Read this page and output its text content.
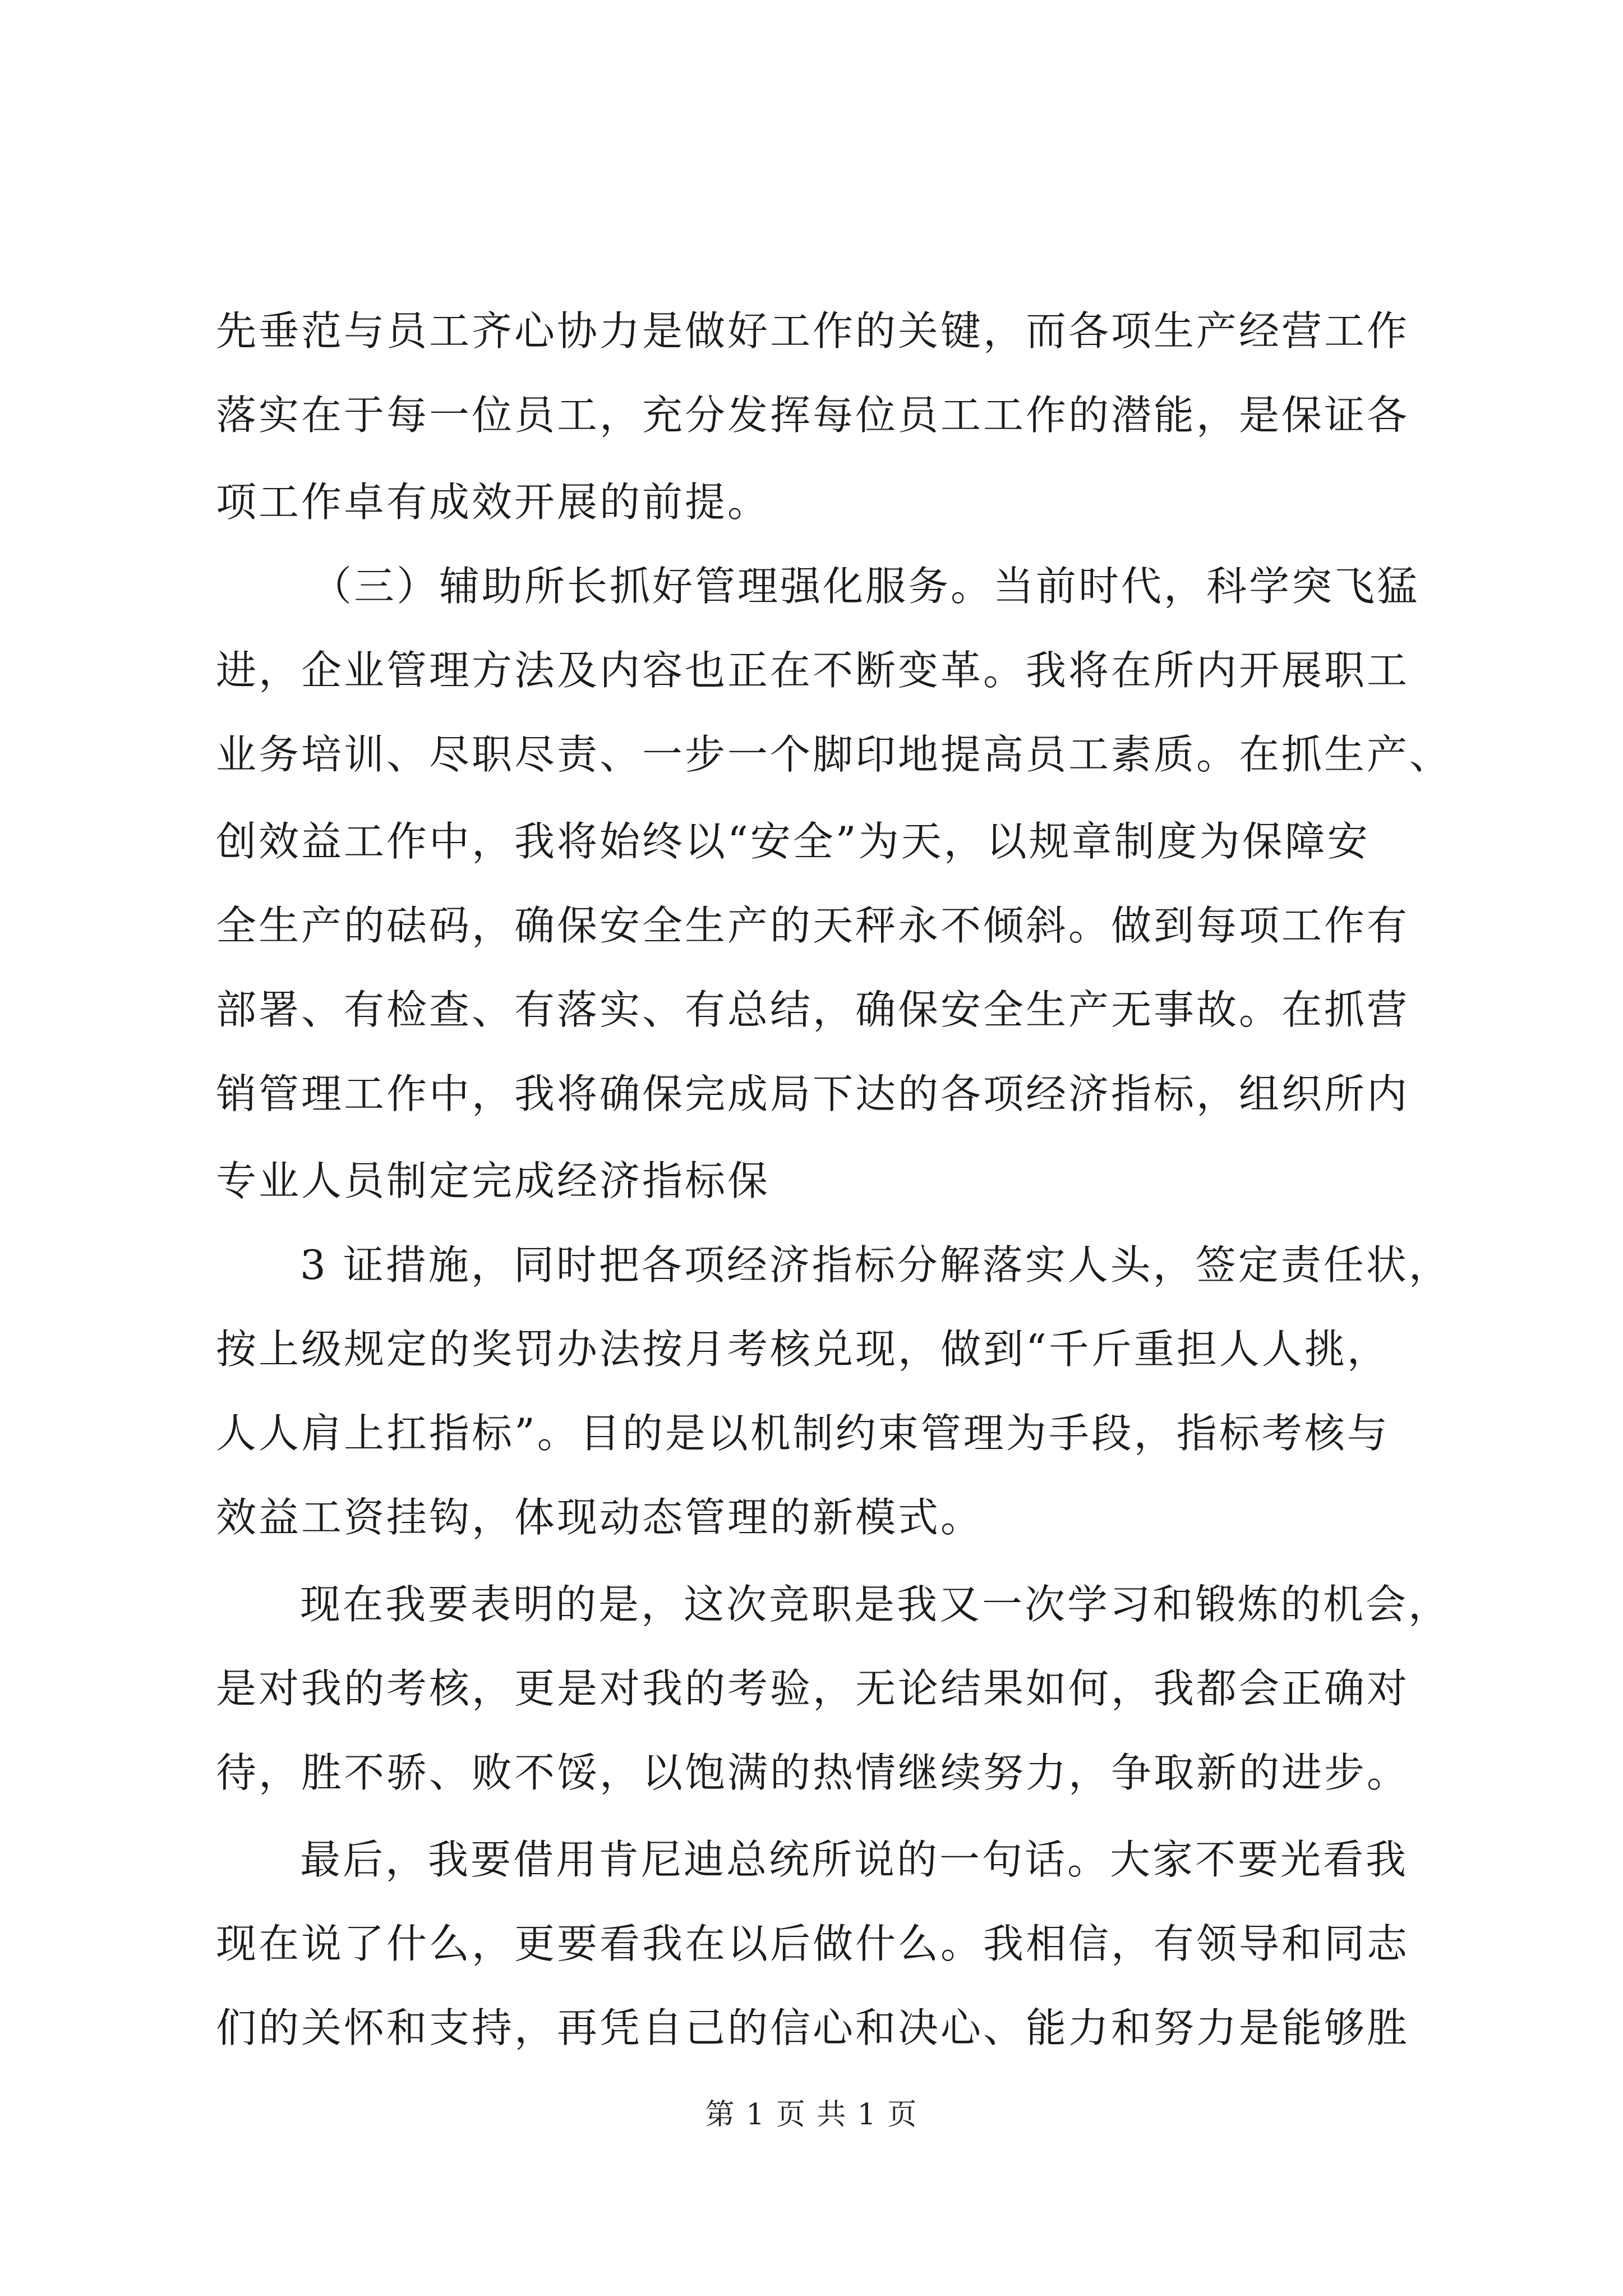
先垂范与员工齐心协力是做好工作的关键，而各项生产经营工作
落实在于每一位员工，充分发挥每位员工工作的潜能，是保证各
项工作卓有成效开展的前提。
（三）辅助所长抓好管理强化服务。当前时代，科学突飞猛
进，企业管理方法及内容也正在不断变革。我将在所内开展职工
业务培训、尽职尽责、一步一个脚印地提高员工素质。在抓生产、
创效益工作中，我将始终以“安全”为天，以规章制度为保障安
全生产的砝码，确保安全生产的天秤永不倾斜。做到每项工作有
部署、有检查、有落实、有总结，确保安全生产无事故。在抓营
销管理工作中，我将确保完成局下达的各项经济指标，组织所内
专业人员制定完成经济指标保
3 证措施，同时把各项经济指标分解落实人头，签定责任状，
按上级规定的奖罚办法按月考核兑现，做到“千斤重担人人挑，
人人肩上扛指标”。目的是以机制约束管理为手段，指标考核与
效益工资挂钩，体现动态管理的新模式。
现在我要表明的是，这次竞职是我又一次学习和锻炼的机会，
是对我的考核，更是对我的考验，无论结果如何，我都会正确对
待，胜不骄、败不馁，以饱满的热情继续努力，争取新的进步。
最后，我要借用肯尼迪总统所说的一句话。大家不要光看我
现在说了什么，更要看我在以后做什么。我相信，有领导和同志
们的关怀和支持，再凭自己的信心和决心、能力和努力是能够胜
第 1 页 共 1 页
